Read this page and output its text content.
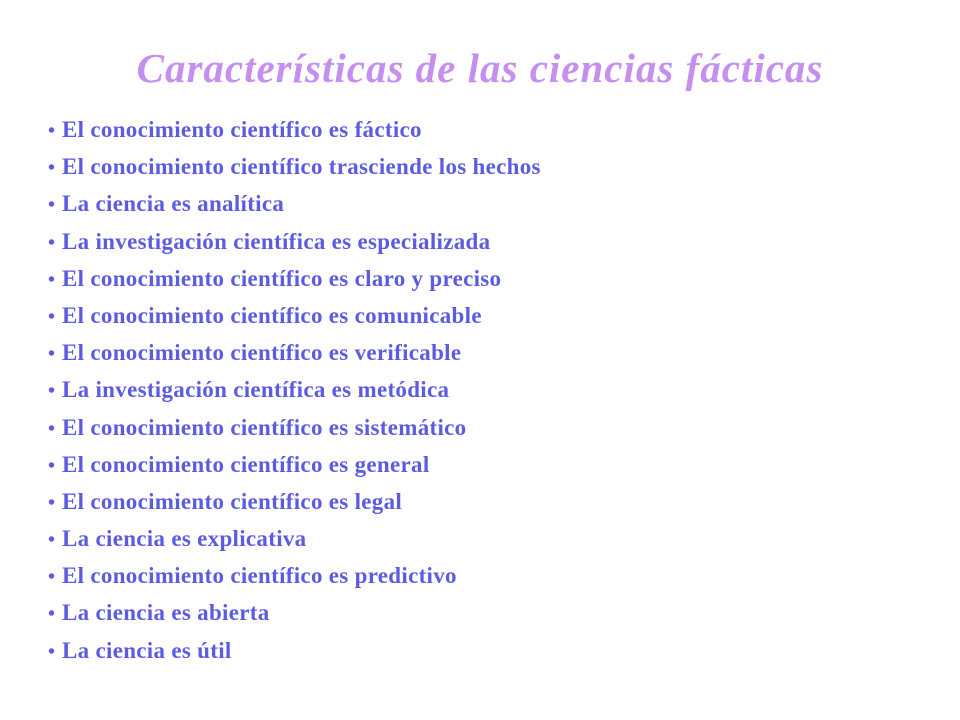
Características de las ciencias fácticas
• El conocimiento científico es fáctico
• El conocimiento científico trasciende los hechos
• La ciencia es analítica
• La investigación científica es especializada
• El conocimiento científico es claro y preciso
• El conocimiento científico es comunicable
• El conocimiento científico es verificable
• La investigación científica es metódica
• El conocimiento científico es sistemático
• El conocimiento científico es general
• El conocimiento científico es legal
• La ciencia es explicativa
• El conocimiento científico es predictivo
• La ciencia es abierta
• La ciencia es útil
